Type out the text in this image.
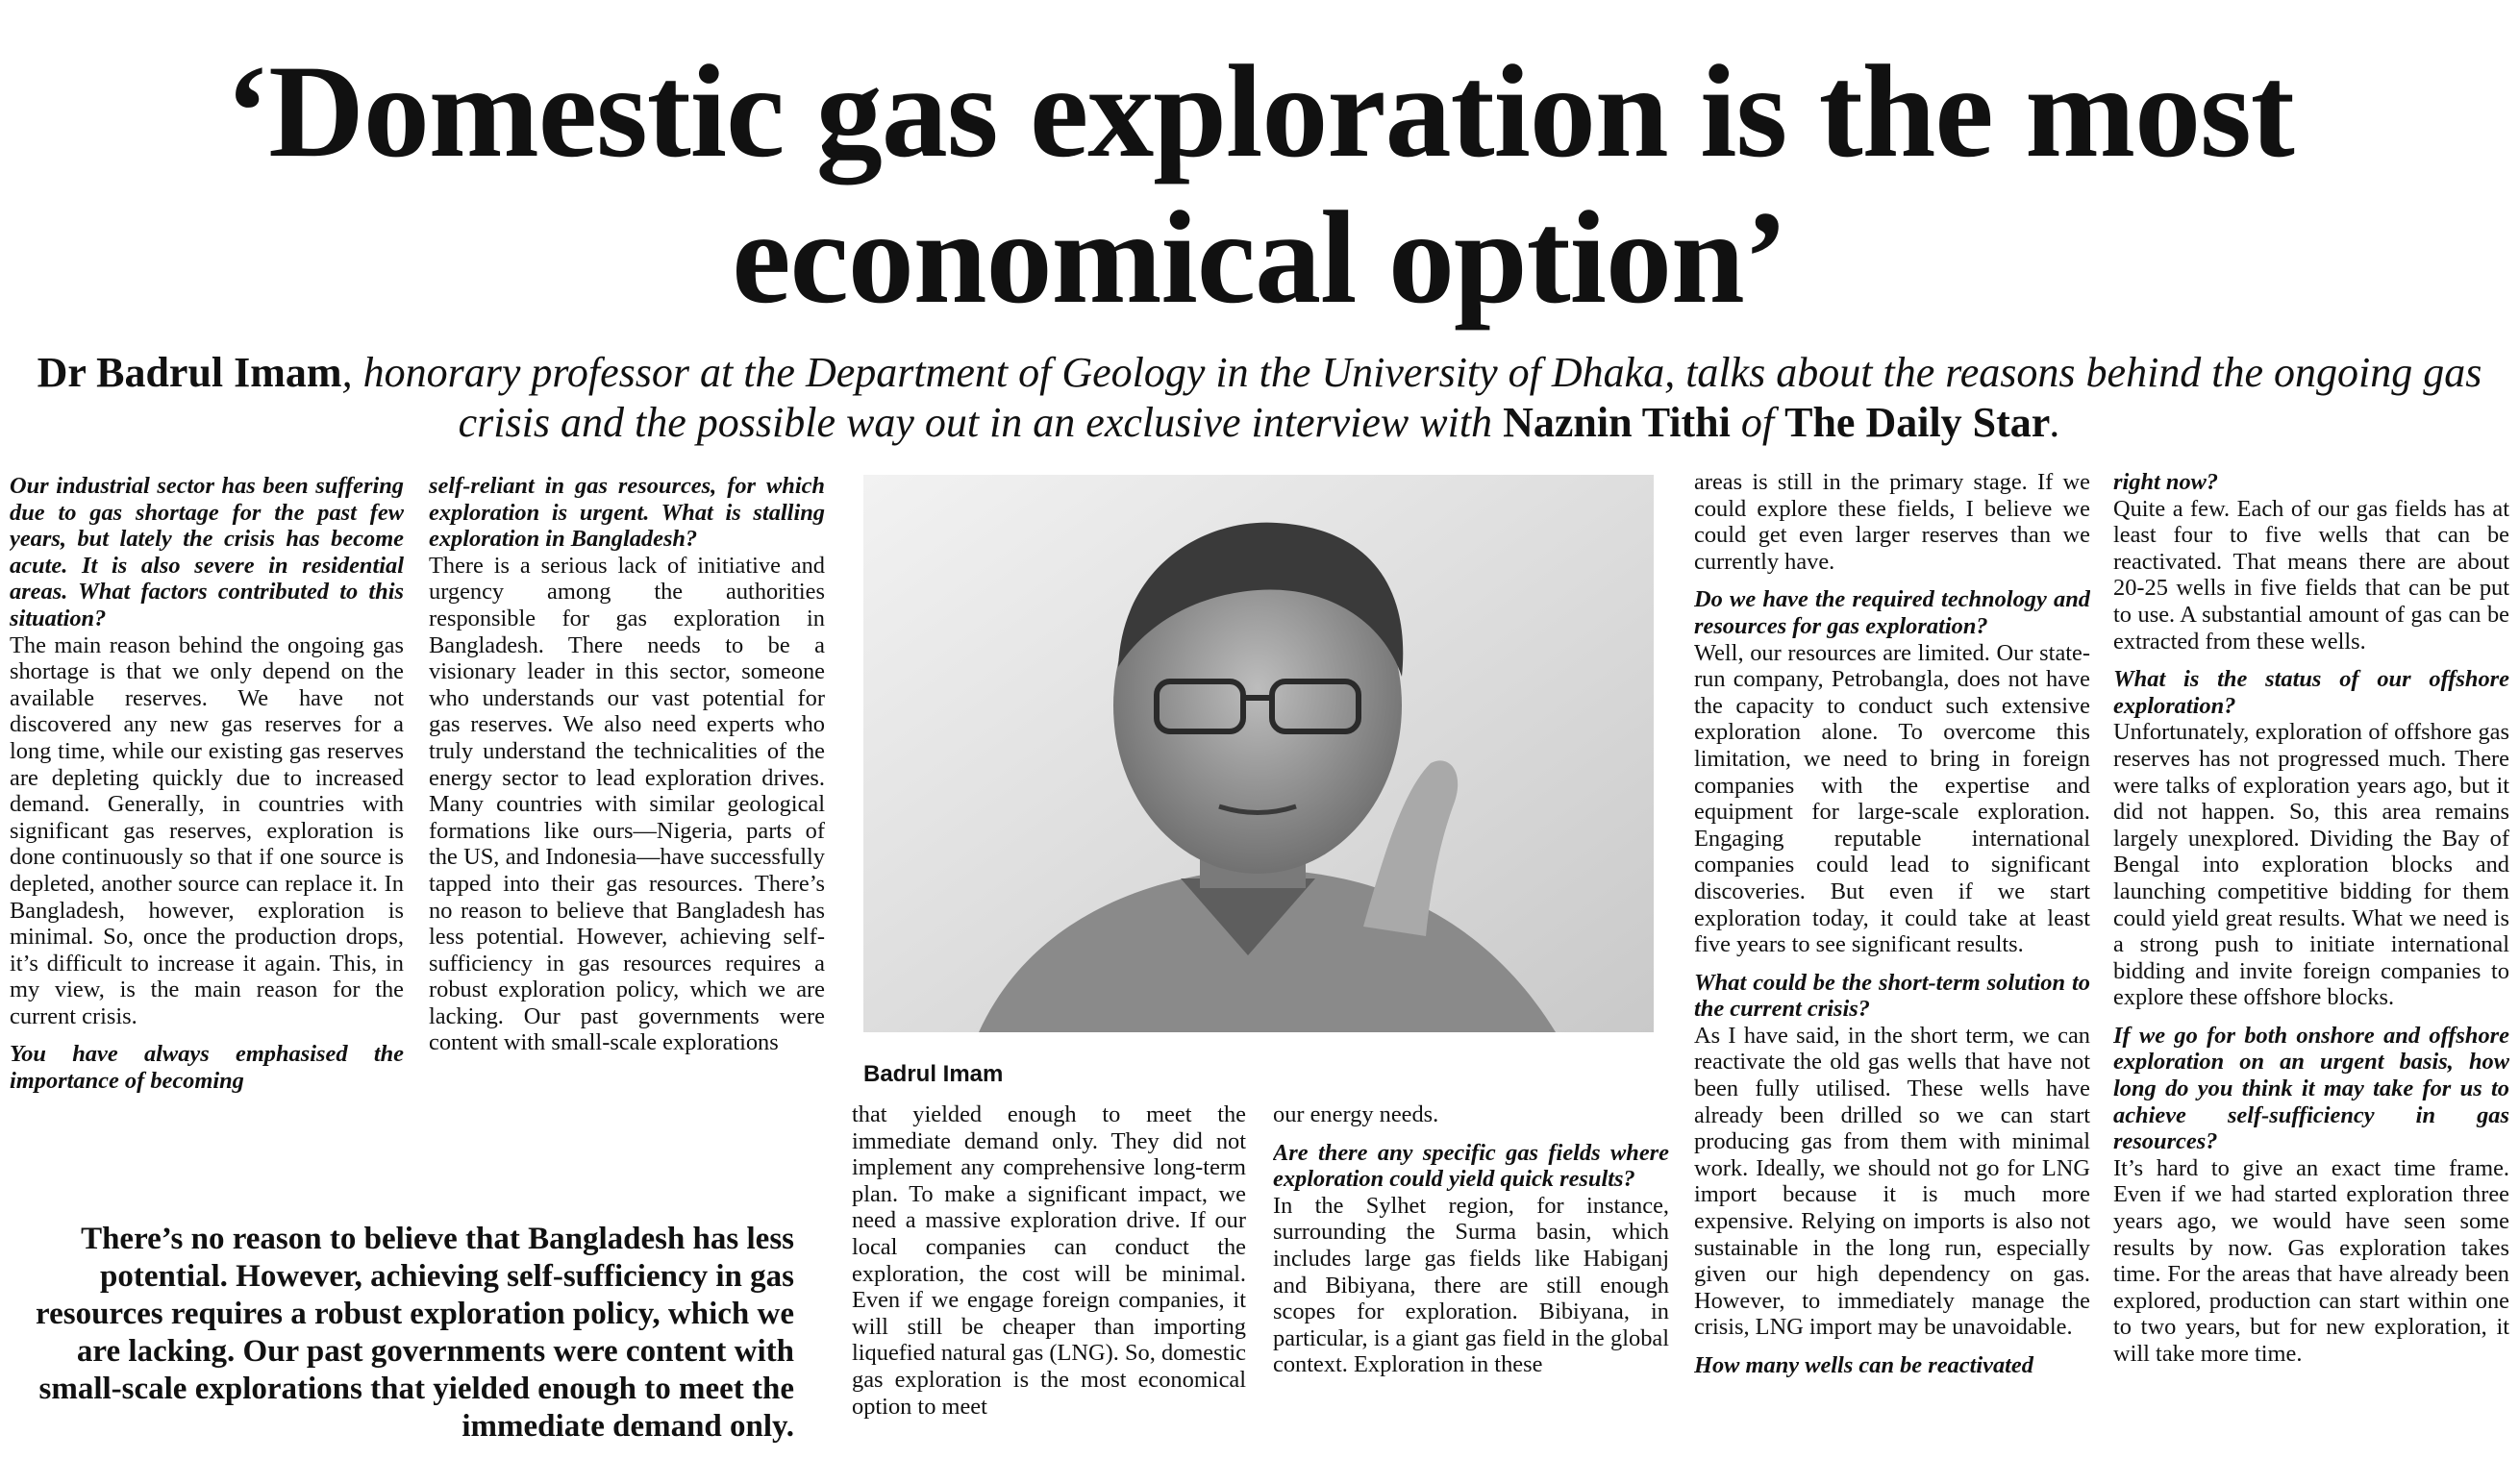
‘Domestic gas exploration is the most
economical option’
Dr Badrul Imam, honorary professor at the Department of Geology in the University of Dhaka, talks about the reasons behind the ongoing gas crisis and the possible way out in an exclusive interview with Naznin Tithi of The Daily Star.

Our industrial sector has been suffering due to gas shortage for the past few years, but lately the crisis has become acute. It is also severe in residential areas. What factors contributed to this situation?

The main reason behind the ongoing gas shortage is that we only depend on the available reserves. We have not discovered any new gas reserves for a long time, while our existing gas reserves are depleting quickly due to increased demand. Generally, in countries with significant gas reserves, exploration is done continuously so that if one source is depleted, another source can replace it. In Bangladesh, however, exploration is minimal. So, once the production drops, it’s difficult to increase it again. This, in my view, is the main reason for the current crisis.

You have always emphasised the importance of becoming

self-reliant in gas resources, for which exploration is urgent. What is stalling exploration in Bangladesh?

There is a serious lack of initiative and urgency among the authorities responsible for gas exploration in Bangladesh. There needs to be a visionary leader in this sector, someone who understands our vast potential for gas reserves. We also need experts who truly understand the technicalities of the energy sector to lead exploration drives. Many countries with similar geological formations like ours—Nigeria, parts of the US, and Indonesia—have successfully tapped into their gas resources. There’s no reason to believe that Bangladesh has less potential. However, achieving self-sufficiency in gas resources requires a robust exploration policy, which we are lacking. Our past governments were content with small-scale explorations

Badrul Imam
There’s no reason to believe that Bangladesh has less potential. However, achieving self-sufficiency in gas resources requires a robust exploration policy, which we are lacking. Our past governments were content with small-scale explorations that yielded enough to meet the immediate demand only.

that yielded enough to meet the immediate demand only. They did not implement any comprehensive long-term plan. To make a significant impact, we need a massive exploration drive. If our local companies can conduct the exploration, the cost will be minimal. Even if we engage foreign companies, it will still be cheaper than importing liquefied natural gas (LNG). So, domestic gas exploration is the most economical option to meet

our energy needs.

Are there any specific gas fields where exploration could yield quick results?

In the Sylhet region, for instance, surrounding the Surma basin, which includes large gas fields like Habiganj and Bibiyana, there are still enough scopes for exploration. Bibiyana, in particular, is a giant gas field in the global context. Exploration in these

areas is still in the primary stage. If we could explore these fields, I believe we could get even larger reserves than we currently have.

Do we have the required technology and resources for gas exploration?

Well, our resources are limited. Our state-run company, Petrobangla, does not have the capacity to conduct such extensive exploration alone. To overcome this limitation, we need to bring in foreign companies with the expertise and equipment for large-scale exploration. Engaging reputable international companies could lead to significant discoveries. But even if we start exploration today, it could take at least five years to see significant results.

What could be the short-term solution to the current crisis?

As I have said, in the short term, we can reactivate the old gas wells that have not been fully utilised. These wells have already been drilled so we can start producing gas from them with minimal work. Ideally, we should not go for LNG import because it is much more expensive. Relying on imports is also not sustainable in the long run, especially given our high dependency on gas. However, to immediately manage the crisis, LNG import may be unavoidable.

How many wells can be reactivated

right now?

Quite a few. Each of our gas fields has at least four to five wells that can be reactivated. That means there are about 20-25 wells in five fields that can be put to use. A substantial amount of gas can be extracted from these wells.

What is the status of our offshore exploration?

Unfortunately, exploration of offshore gas reserves has not progressed much. There were talks of exploration years ago, but it did not happen. So, this area remains largely unexplored. Dividing the Bay of Bengal into exploration blocks and launching competitive bidding for them could yield great results. What we need is a strong push to initiate international bidding and invite foreign companies to explore these offshore blocks.

If we go for both onshore and offshore exploration on an urgent basis, how long do you think it may take for us to achieve self-sufficiency in gas resources?

It’s hard to give an exact time frame. Even if we had started exploration three years ago, we would have seen some results by now. Gas exploration takes time. For the areas that have already been explored, production can start within one to two years, but for new exploration, it will take more time.
